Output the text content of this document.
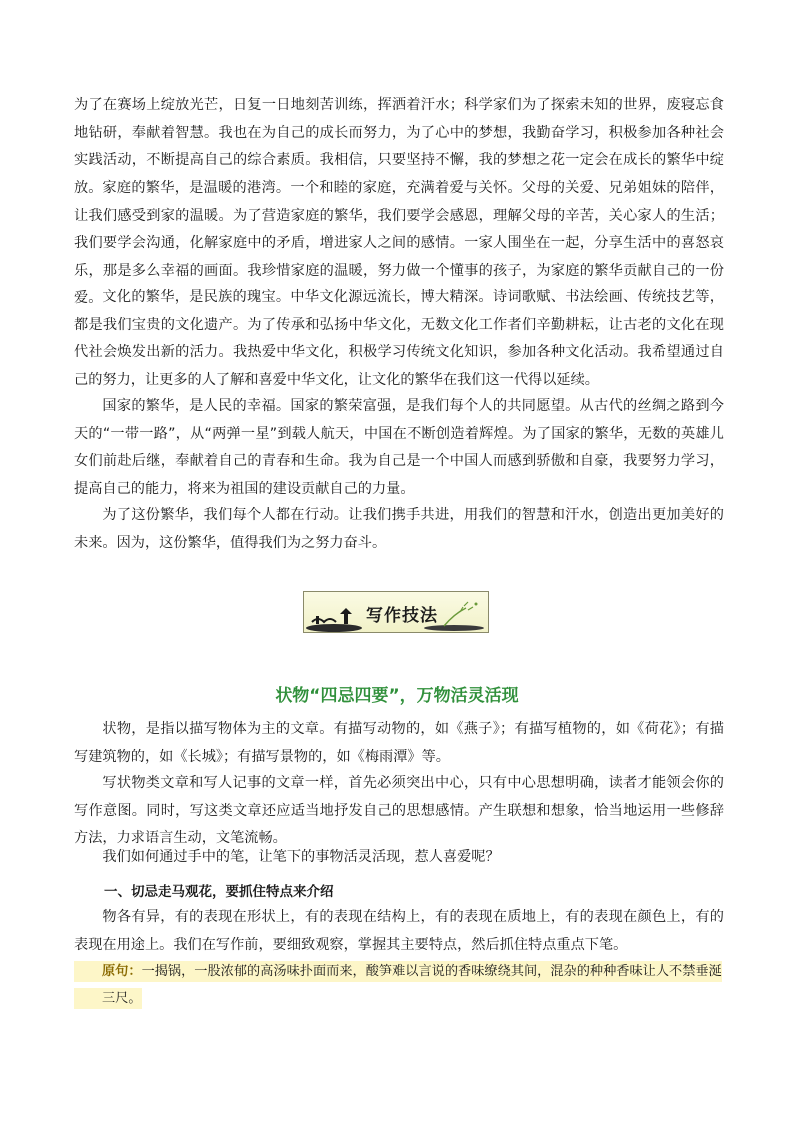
为了在赛场上绽放光芒，日复一日地刻苦训练，挥洒着汗水；科学家们为了探索未知的世界，废寝忘食地钻研，奉献着智慧。我也在为自己的成长而努力，为了心中的梦想，我勤奋学习，积极参加各种社会实践活动，不断提高自己的综合素质。我相信，只要坚持不懈，我的梦想之花一定会在成长的繁华中绽放。 家庭的繁华，是温暖的港湾。一个和睦的家庭，充满着爱与关怀。父母的关爱、兄弟姐妹的陪伴，让我们感受到家的温暖。为了营造家庭的繁华，我们要学会感恩，理解父母的辛苦，关心家人的生活；我们要学会沟通，化解家庭中的矛盾，增进家人之间的感情。一家人围坐在一起，分享生活中的喜怒哀乐，那是多么幸福的画面。我珍惜家庭的温暖，努力做一个懂事的孩子，为家庭的繁华贡献自己的一份爱。 文化的繁华，是民族的瑰宝。中华文化源远流长，博大精深。诗词歌赋、书法绘画、传统技艺等，都是我们宝贵的文化遗产。为了传承和弘扬中华文化，无数文化工作者们辛勤耕耘，让古老的文化在现代社会焕发出新的活力。我热爱中华文化，积极学习传统文化知识，参加各种文化活动。我希望通过自己的努力，让更多的人了解和喜爱中华文化，让文化的繁华在我们这一代得以延续。

国家的繁华，是人民的幸福。国家的繁荣富强，是我们每个人的共同愿望。从古代的丝绸之路到今天的“一带一路”，从“两弹一星”到载人航天，中国在不断创造着辉煌。为了国家的繁华，无数的英雄儿女们前赴后继，奉献着自己的青春和生命。我为自己是一个中国人而感到骄傲和自豪，我要努力学习，提高自己的能力，将来为祖国的建设贡献自己的力量。

为了这份繁华，我们每个人都在行动。让我们携手共进，用我们的智慧和汗水，创造出更加美好的未来。因为，这份繁华，值得我们为之努力奋斗。

写作技法
状物“四忌四要”，万物活灵活现

状物，是指以描写物体为主的文章。有描写动物的，如《燕子》；有描写植物的，如《荷花》；有描写建筑物的，如《长城》；有描写景物的，如《梅雨潭》等。

写状物类文章和写人记事的文章一样，首先必须突出中心，只有中心思想明确，读者才能领会你的写作意图。同时，写这类文章还应适当地抒发自己的思想感情。产生联想和想象，恰当地运用一些修辞方法，力求语言生动，文笔流畅。

我们如何通过手中的笔，让笔下的事物活灵活现，惹人喜爱呢？

一、切忌走马观花，要抓住特点来介绍

物各有异，有的表现在形状上，有的表现在结构上，有的表现在质地上，有的表现在颜色上，有的表现在用途上。我们在写作前，要细致观察，掌握其主要特点，然后抓住特点重点下笔。

原句：一揭锅，一股浓郁的高汤味扑面而来，酸笋难以言说的香味缭绕其间，混杂的种种香味让人不禁垂涎三尺。
